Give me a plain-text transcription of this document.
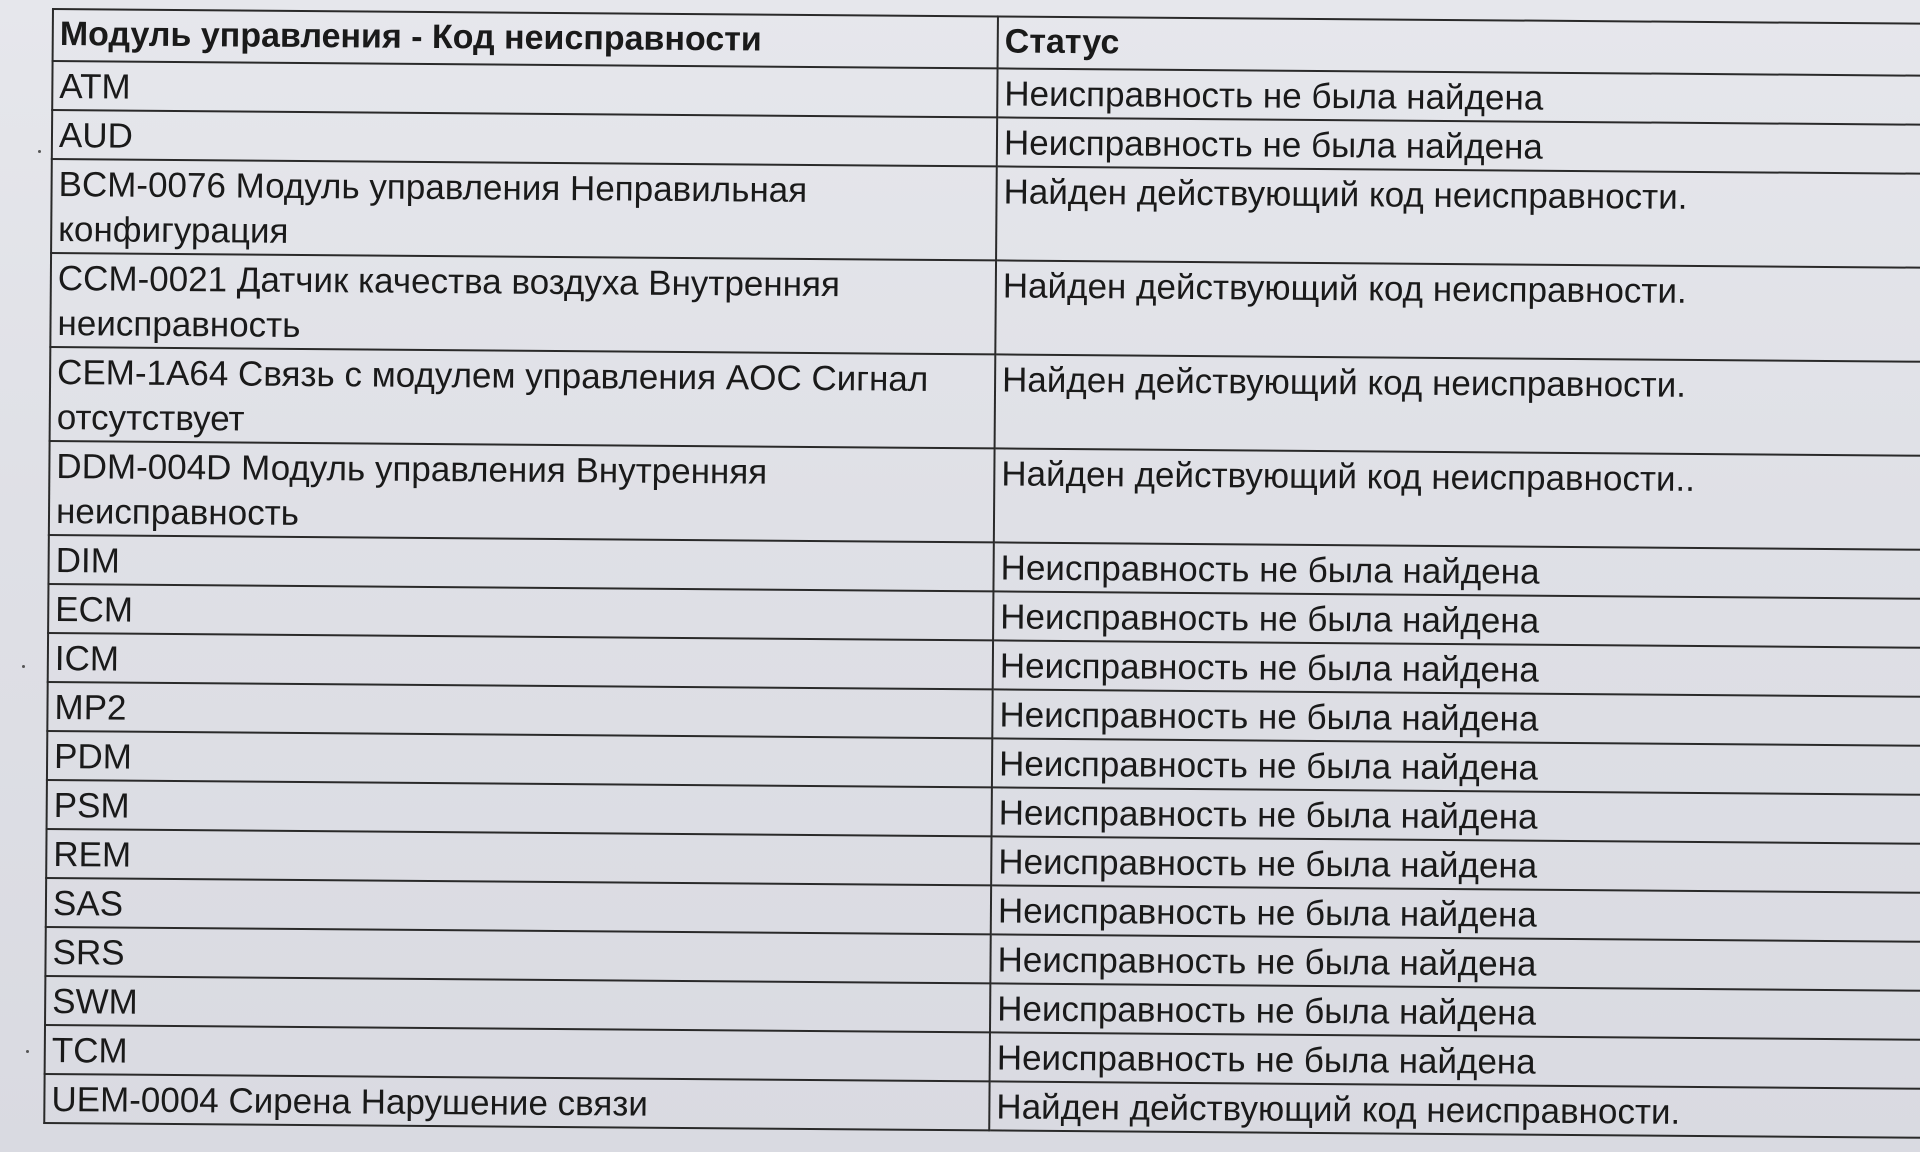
Модуль управления - Код неисправности	Статус
ATM	Неисправность не была найдена
AUD	Неисправность не была найдена
BCM-0076 Модуль управления Неправильная конфигурация	Найден действующий код неисправности.
CCM-0021 Датчик качества воздуха Внутренняя неисправность	Найден действующий код неисправности.
CEM-1A64 Связь с модулем управления AOC Сигнал отсутствует	Найден действующий код неисправности.
DDM-004D Модуль управления Внутренняя неисправность	Найден действующий код неисправности..
DIM	Неисправность не была найдена
ECM	Неисправность не была найдена
ICM	Неисправность не была найдена
MP2	Неисправность не была найдена
PDM	Неисправность не была найдена
PSM	Неисправность не была найдена
REM	Неисправность не была найдена
SAS	Неисправность не была найдена
SRS	Неисправность не была найдена
SWM	Неисправность не была найдена
TCM	Неисправность не была найдена
UEM-0004 Сирена Нарушение связи	Найден действующий код неисправности.
